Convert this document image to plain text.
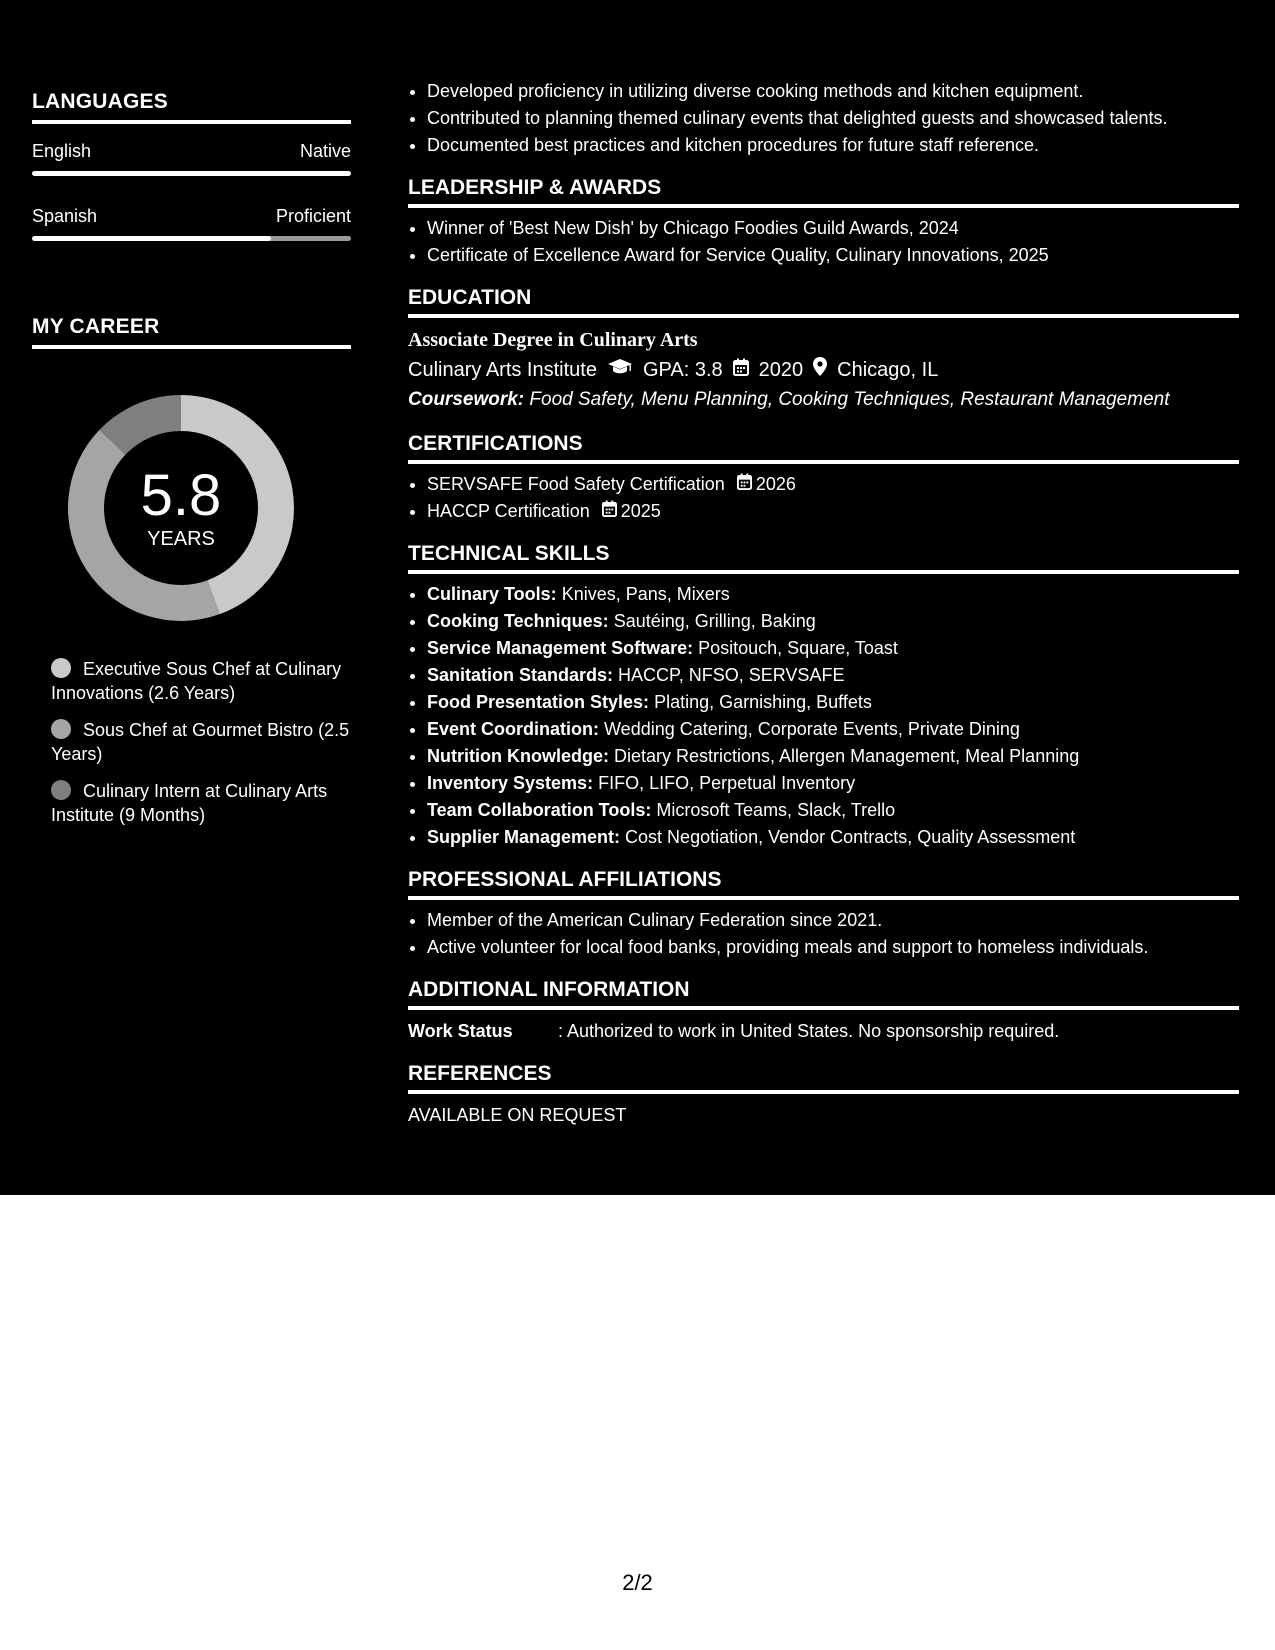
LANGUAGES
English	Native
Spanish	Proficient
MY CAREER
5.8
YEARS
Executive Sous Chef at Culinary Innovations (2.6 Years)
Sous Chef at Gourmet Bistro (2.5 Years)
Culinary Intern at Culinary Arts Institute (9 Months)
• Developed proficiency in utilizing diverse cooking methods and kitchen equipment.
• Contributed to planning themed culinary events that delighted guests and showcased talents.
• Documented best practices and kitchen procedures for future staff reference.
LEADERSHIP & AWARDS
• Winner of 'Best New Dish' by Chicago Foodies Guild Awards, 2024
• Certificate of Excellence Award for Service Quality, Culinary Innovations, 2025
EDUCATION
Associate Degree in Culinary Arts
Culinary Arts Institute GPA: 3.8 2020 Chicago, IL
Coursework: Food Safety, Menu Planning, Cooking Techniques, Restaurant Management
CERTIFICATIONS
• SERVSAFE Food Safety Certification 2026
• HACCP Certification 2025
TECHNICAL SKILLS
• Culinary Tools: Knives, Pans, Mixers
• Cooking Techniques: Sautéing, Grilling, Baking
• Service Management Software: Positouch, Square, Toast
• Sanitation Standards: HACCP, NFSO, SERVSAFE
• Food Presentation Styles: Plating, Garnishing, Buffets
• Event Coordination: Wedding Catering, Corporate Events, Private Dining
• Nutrition Knowledge: Dietary Restrictions, Allergen Management, Meal Planning
• Inventory Systems: FIFO, LIFO, Perpetual Inventory
• Team Collaboration Tools: Microsoft Teams, Slack, Trello
• Supplier Management: Cost Negotiation, Vendor Contracts, Quality Assessment
PROFESSIONAL AFFILIATIONS
• Member of the American Culinary Federation since 2021.
• Active volunteer for local food banks, providing meals and support to homeless individuals.
ADDITIONAL INFORMATION
Work Status	: Authorized to work in United States. No sponsorship required.
REFERENCES
AVAILABLE ON REQUEST
2/2
